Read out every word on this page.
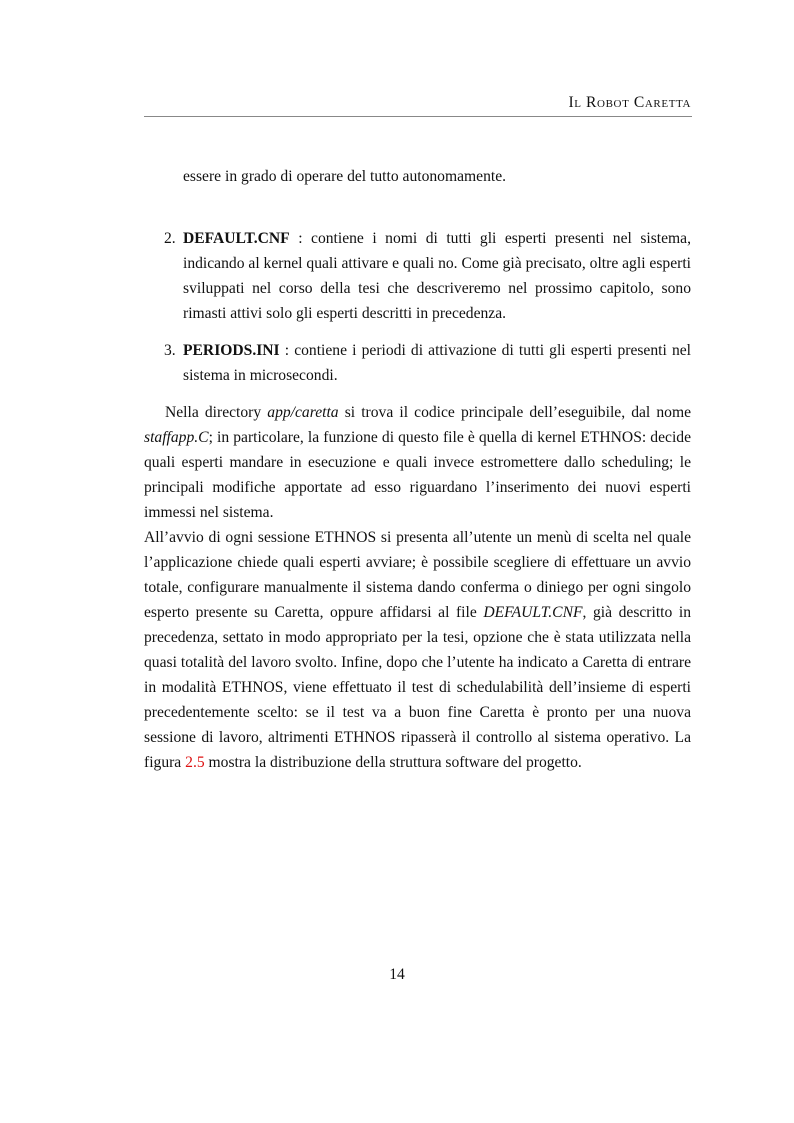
Il Robot Caretta

essere in grado di operare del tutto autonomamente.

2. DEFAULT.CNF : contiene i nomi di tutti gli esperti presenti nel sistema, indicando al kernel quali attivare e quali no. Come già precisato, oltre agli esperti sviluppati nel corso della tesi che descriveremo nel prossimo capitolo, sono rimasti attivi solo gli esperti descritti in precedenza.
3. PERIODS.INI : contiene i periodi di attivazione di tutti gli esperti presenti nel sistema in microsecondi.

Nella directory app/caretta si trova il codice principale dell’eseguibile, dal nome staffapp.C; in particolare, la funzione di questo file è quella di kernel ETHNOS: decide quali esperti mandare in esecuzione e quali invece estromettere dallo scheduling; le principali modifiche apportate ad esso riguardano l’inserimento dei nuovi esperti immessi nel sistema.

All’avvio di ogni sessione ETHNOS si presenta all’utente un menù di scelta nel quale l’applicazione chiede quali esperti avviare; è possibile scegliere di effettuare un avvio totale, configurare manualmente il sistema dando conferma o diniego per ogni singolo esperto presente su Caretta, oppure affidarsi al file DEFAULT.CNF, già descritto in precedenza, settato in modo appropriato per la tesi, opzione che è stata utilizzata nella quasi totalità del lavoro svolto. Infine, dopo che l’utente ha indicato a Caretta di entrare in modalità ETHNOS, viene effettuato il test di schedulabilità dell’insieme di esperti precedentemente scelto: se il test va a buon fine Caretta è pronto per una nuova sessione di lavoro, altrimenti ETHNOS ripasserà il controllo al sistema operativo. La figura 2.5 mostra la distribuzione della struttura software del progetto.

14
